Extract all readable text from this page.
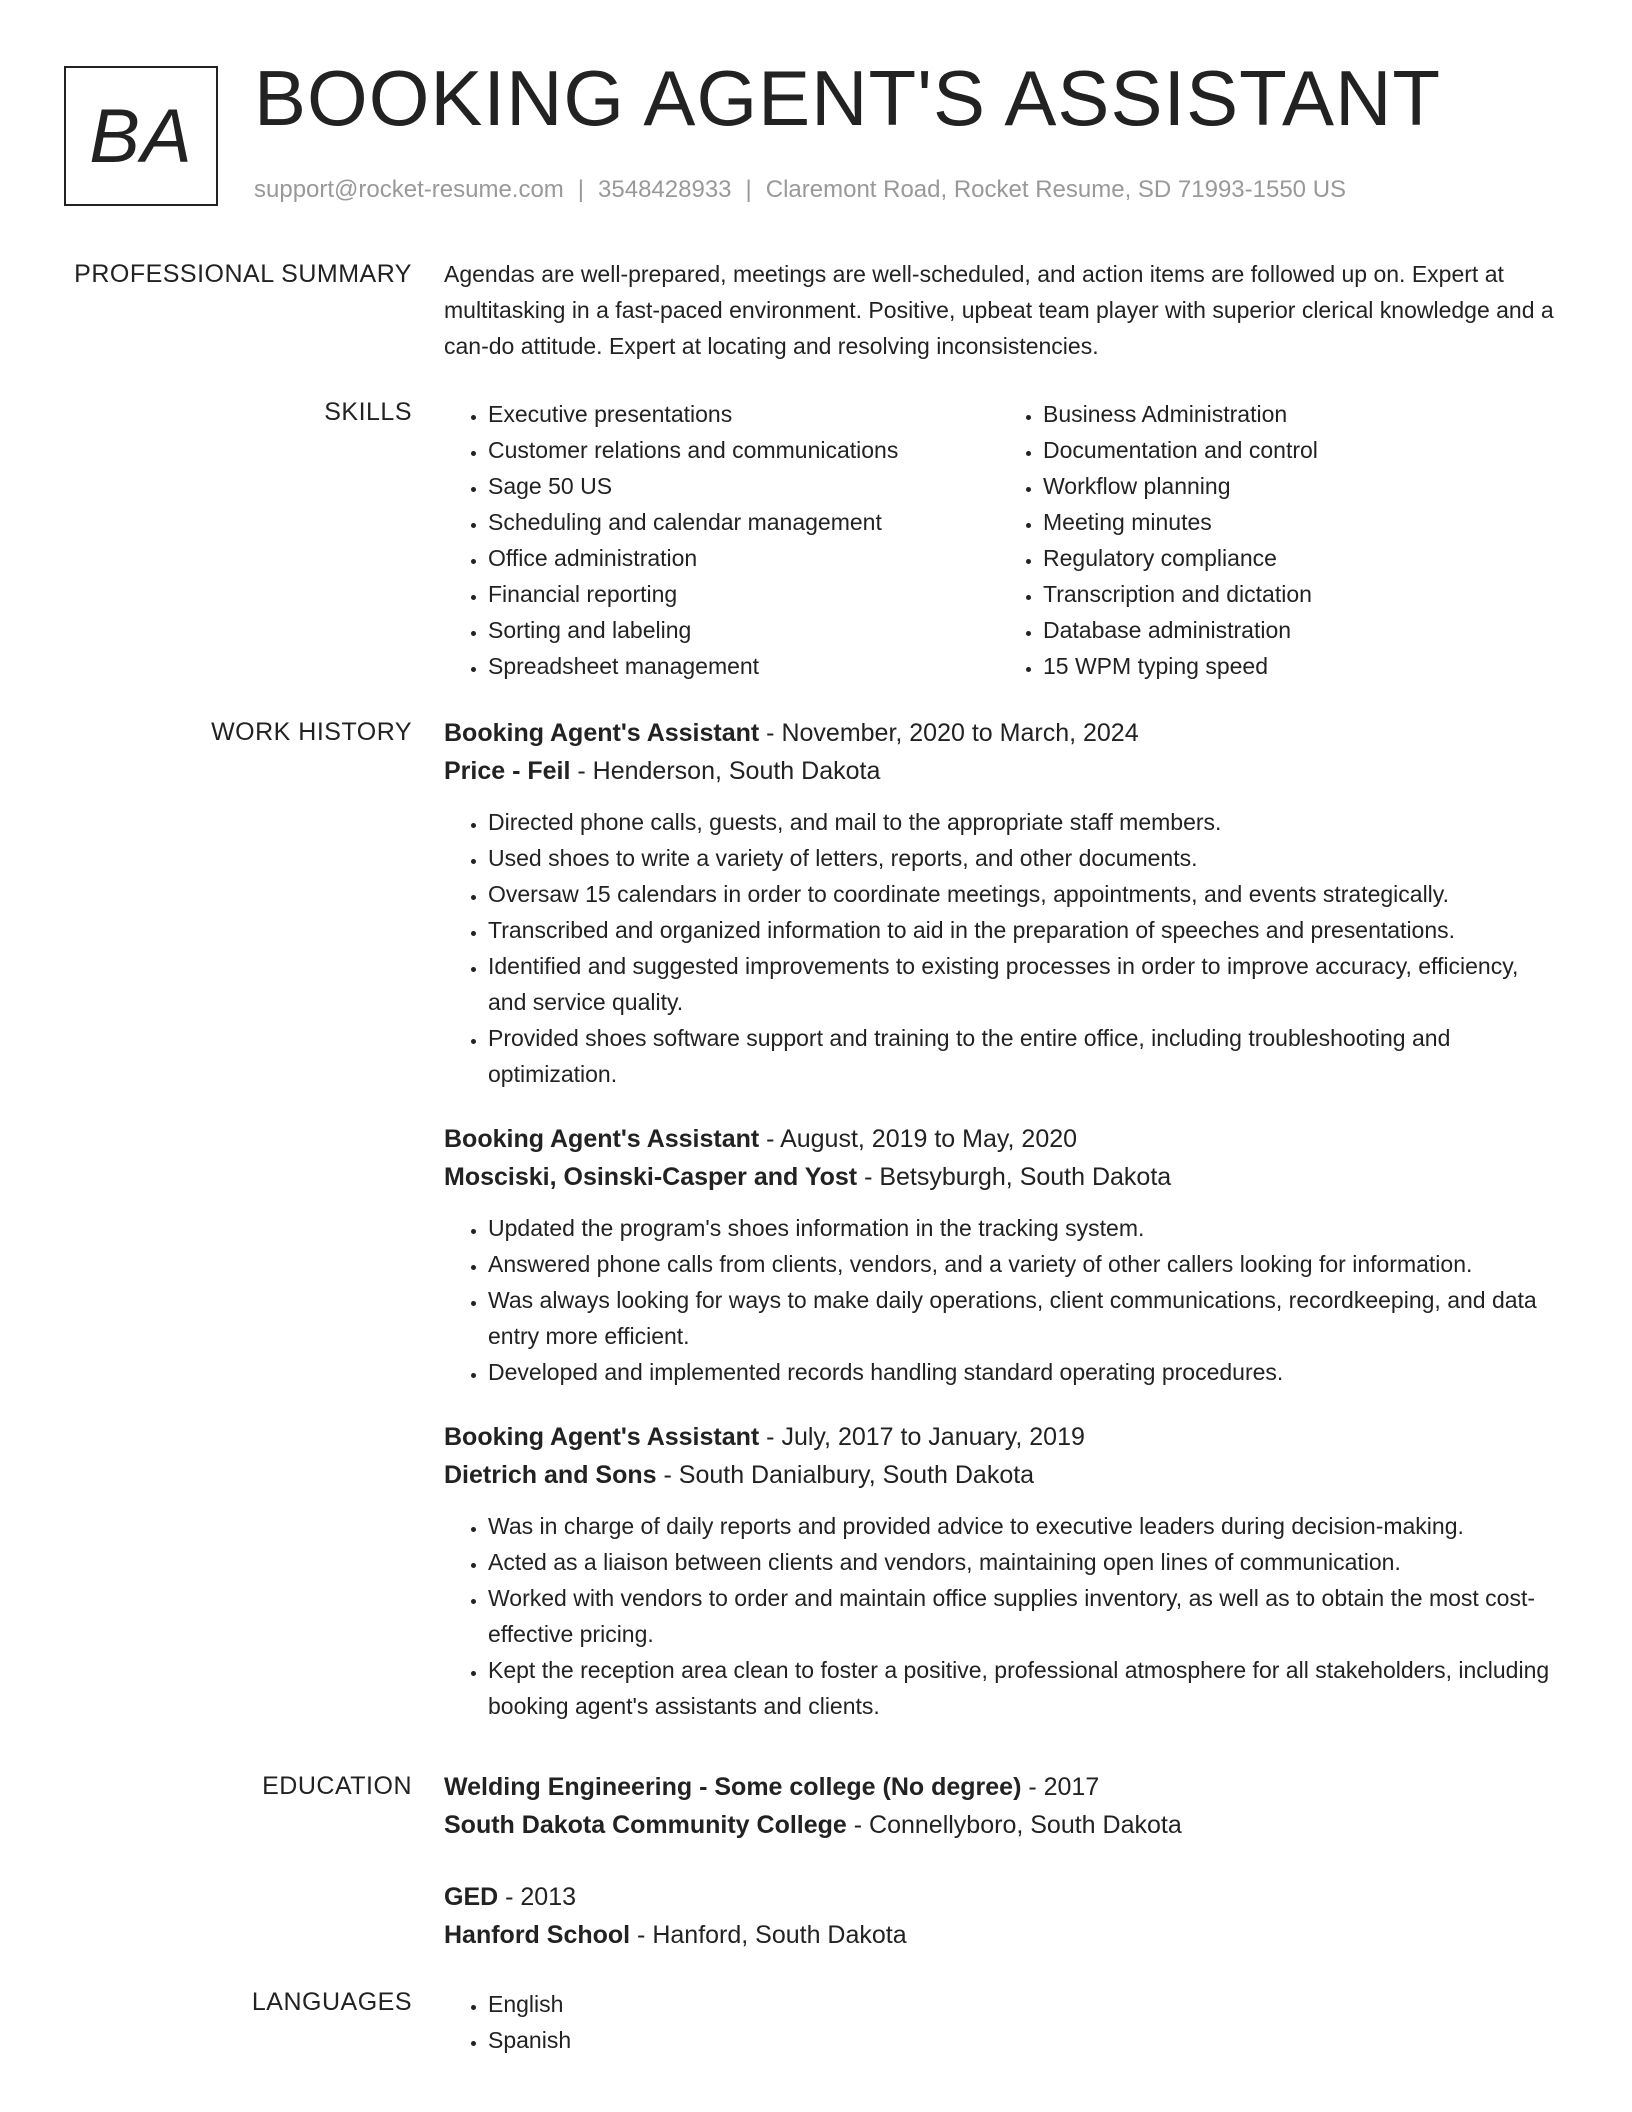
BA BOOKING AGENT'S ASSISTANT
support@rocket-resume.com | 3548428933 | Claremont Road, Rocket Resume, SD 71993-1550 US
PROFESSIONAL SUMMARY Agendas are well-prepared, meetings are well-scheduled, and action items are followed up on. Expert at multitasking in a fast-paced environment. Positive, upbeat team player with superior clerical knowledge and a can-do attitude. Expert at locating and resolving inconsistencies.
SKILLS	• Executive presentations
• Customer relations and communications
• Sage 50 US
• Scheduling and calendar management
• Office administration
• Financial reporting
• Sorting and labeling
• Spreadsheet management
• Business Administration
• Documentation and control
• Workflow planning
• Meeting minutes
• Regulatory compliance
• Transcription and dictation
• Database administration
• 15 WPM typing speed
WORK HISTORY Booking Agent's Assistant - November, 2020 to March, 2024
Price - Feil - Henderson, South Dakota
• Directed phone calls, guests, and mail to the appropriate staff members.
• Used shoes to write a variety of letters, reports, and other documents.
• Oversaw 15 calendars in order to coordinate meetings, appointments, and events strategically.
• Transcribed and organized information to aid in the preparation of speeches and presentations.
• Identified and suggested improvements to existing processes in order to improve accuracy, efficiency, and service quality.
• Provided shoes software support and training to the entire office, including troubleshooting and optimization.
Booking Agent's Assistant - August, 2019 to May, 2020
Mosciski, Osinski-Casper and Yost - Betsyburgh, South Dakota
• Updated the program's shoes information in the tracking system.
• Answered phone calls from clients, vendors, and a variety of other callers looking for information.
• Was always looking for ways to make daily operations, client communications, recordkeeping, and data entry more efficient.
• Developed and implemented records handling standard operating procedures.
Booking Agent's Assistant - July, 2017 to January, 2019
Dietrich and Sons - South Danialbury, South Dakota
• Was in charge of daily reports and provided advice to executive leaders during decision-making.
• Acted as a liaison between clients and vendors, maintaining open lines of communication.
• Worked with vendors to order and maintain office supplies inventory, as well as to obtain the most cost-effective pricing.
• Kept the reception area clean to foster a positive, professional atmosphere for all stakeholders, including booking agent's assistants and clients.
EDUCATION Welding Engineering - Some college (No degree) - 2017
South Dakota Community College - Connellyboro, South Dakota
GED - 2013
Hanford School - Hanford, South Dakota
LANGUAGES	• English
• Spanish
